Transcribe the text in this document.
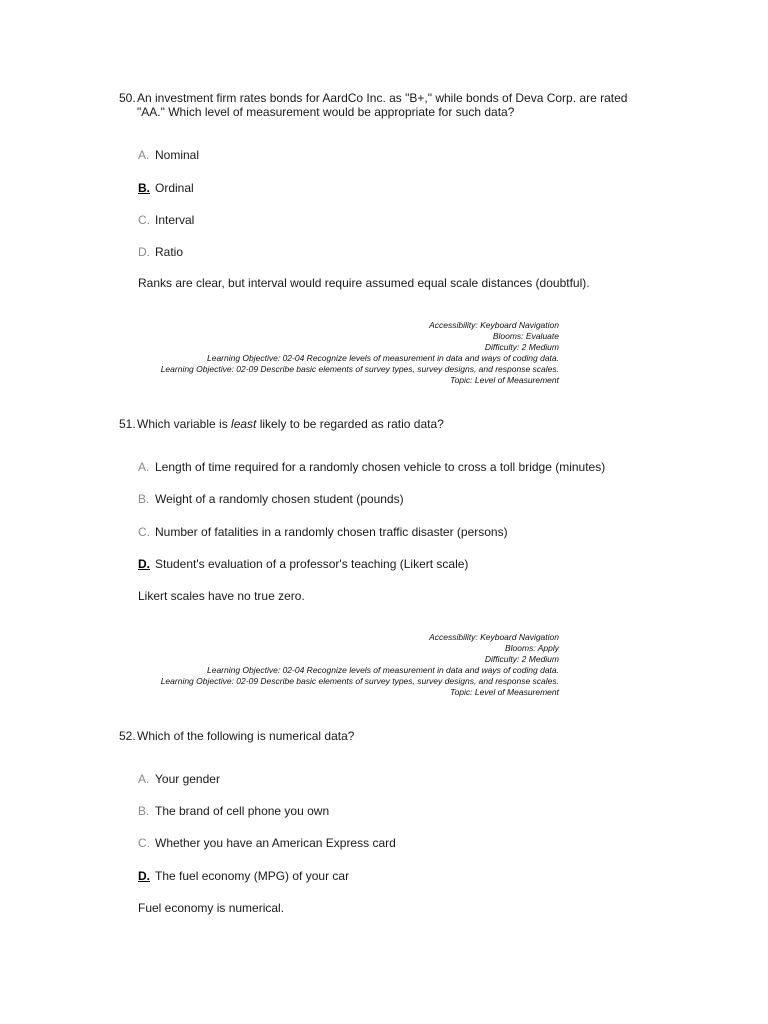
50. An investment firm rates bonds for AardCo Inc. as "B+," while bonds of Deva Corp. are rated
"AA." Which level of measurement would be appropriate for such data?
A. Nominal
B. Ordinal
C. Interval
D. Ratio
Ranks are clear, but interval would require assumed equal scale distances (doubtful).
Accessibility: Keyboard Navigation
Blooms: Evaluate
Difficulty: 2 Medium
Learning Objective: 02-04 Recognize levels of measurement in data and ways of coding data.
Learning Objective: 02-09 Describe basic elements of survey types, survey designs, and response scales.
Topic: Level of Measurement
51. Which variable is least likely to be regarded as ratio data?
A. Length of time required for a randomly chosen vehicle to cross a toll bridge (minutes)
B. Weight of a randomly chosen student (pounds)
C. Number of fatalities in a randomly chosen traffic disaster (persons)
D. Student's evaluation of a professor's teaching (Likert scale)
Likert scales have no true zero.
Accessibility: Keyboard Navigation
Blooms: Apply
Difficulty: 2 Medium
Learning Objective: 02-04 Recognize levels of measurement in data and ways of coding data.
Learning Objective: 02-09 Describe basic elements of survey types, survey designs, and response scales.
Topic: Level of Measurement
52. Which of the following is numerical data?
A. Your gender
B. The brand of cell phone you own
C. Whether you have an American Express card
D. The fuel economy (MPG) of your car
Fuel economy is numerical.
